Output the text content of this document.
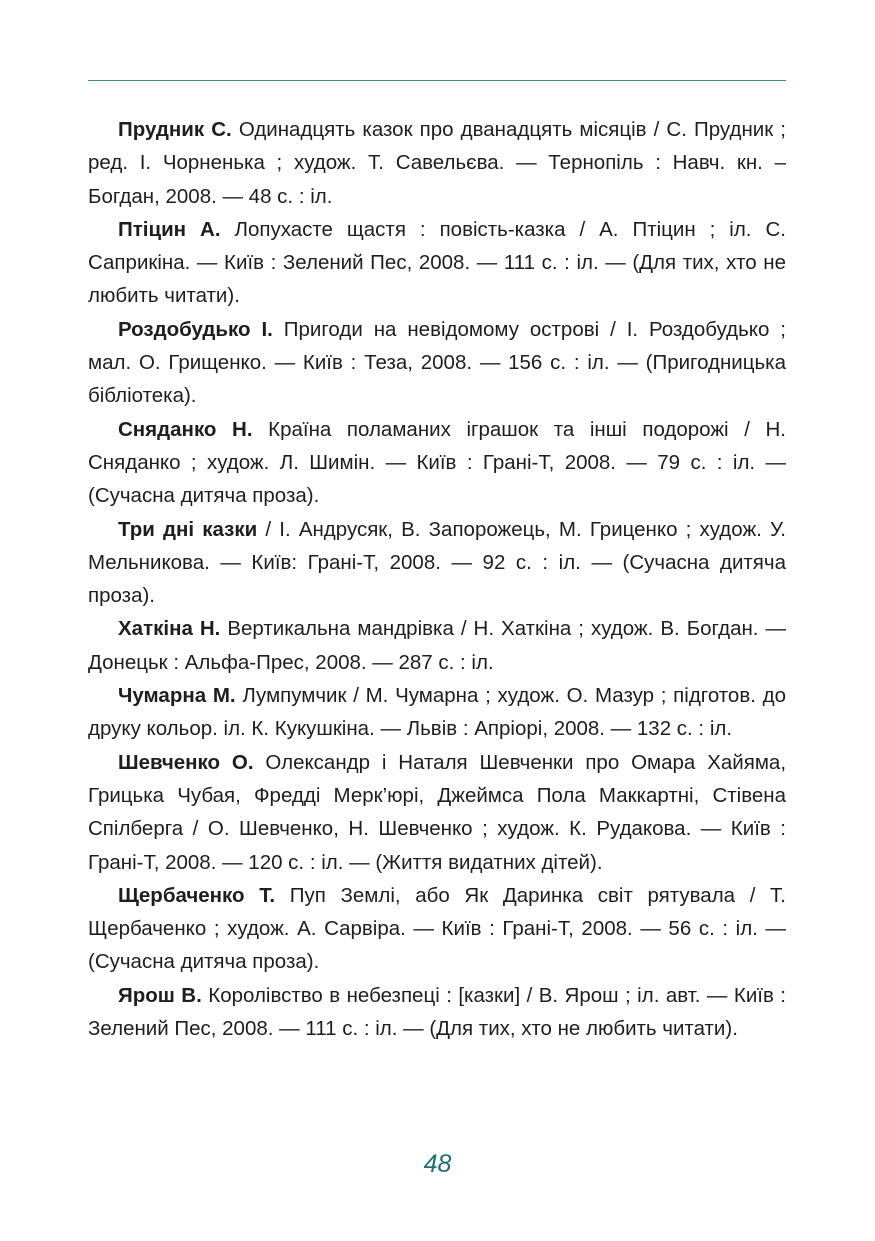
Прудник С. Одинадцять казок про дванадцять місяців / С. Прудник ; ред. І. Чорненька ; худож. Т. Савельєва. — Тернопіль : Навч. кн. – Богдан, 2008. — 48 с. : іл.

Птіцин А. Лопухасте щастя : повість-казка / А. Птіцин ; іл. С. Саприкіна. — Київ : Зелений Пес, 2008. — 111 с. : іл. — (Для тих, хто не любить читати).

Роздобудько І. Пригоди на невідомому острові / І. Роздобудько ; мал. О. Грищенко. — Київ : Теза, 2008. — 156 с. : іл. — (Пригодницька бібліотека).

Сняданко Н. Країна поламаних іграшок та інші подорожі / Н. Сняданко ; худож. Л. Шимін. — Київ : Грані-Т, 2008. — 79 с. : іл. — (Сучасна дитяча проза).

Три дні казки / І. Андрусяк, В. Запорожець, М. Гриценко ; худож. У. Мельникова. — Київ: Грані-Т, 2008. — 92 с. : іл. — (Сучасна дитяча проза).

Хаткіна Н. Вертикальна мандрівка / Н. Хаткіна ; худож. В. Богдан. — Донецьк : Альфа-Прес, 2008. — 287 с. : іл.

Чумарна М. Лумпумчик / М. Чумарна ; худож. О. Мазур ; підготов. до друку кольор. іл. К. Кукушкіна. — Львів : Апріорі, 2008. — 132 с. : іл.

Шевченко О. Олександр і Наталя Шевченки про Омара Хайяма, Грицька Чубая, Фредді Мерк’юрі, Джеймса Пола Маккартні, Стівена Спілберга / О. Шевченко, Н. Шевченко ; худож. К. Рудакова. — Київ : Грані-Т, 2008. — 120 с. : іл. — (Життя видатних дітей).

Щербаченко Т. Пуп Землі, або Як Даринка світ рятувала / Т. Щербаченко ; худож. А. Сарвіра. — Київ : Грані-Т, 2008. — 56 с. : іл. — (Сучасна дитяча проза).

Ярош В. Королівство в небезпеці : [казки] / В. Ярош ; іл. авт. — Київ : Зелений Пес, 2008. — 111 с. : іл. — (Для тих, хто не любить читати).

48
